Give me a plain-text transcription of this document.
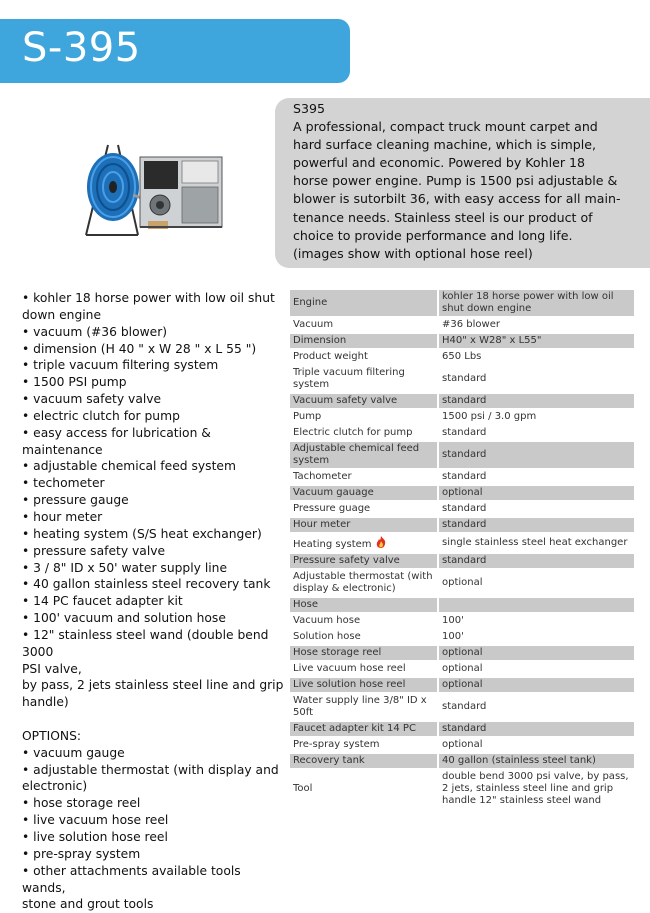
S-395
S395
A professional, compact truck mount carpet and
hard surface cleaning machine, which is simple,
powerful and economic. Powered by Kohler 18
horse power engine. Pump is 1500 psi adjustable &
blower is sutorbilt 36, with easy access for all main-
tenance needs. Stainless steel is our product of
choice to provide performance and long life.
(images show with optional hose reel)
• kohler 18 horse power with low oil shut
down engine
• vacuum (#36 blower)
• dimension (H 40 " x W 28 " x L 55 ")
• triple vacuum filtering system
• 1500 PSI pump
• vacuum safety valve
• electric clutch for pump
• easy access for lubrication & maintenance
• adjustable chemical feed system
• techometer
• pressure gauge
• hour meter
• heating system (S/S heat exchanger)
• pressure safety valve
• 3 / 8" ID x 50' water supply line
• 40 gallon stainless steel recovery tank
• 14 PC faucet adapter kit
• 100' vacuum and solution hose
• 12" stainless steel wand (double bend 3000
PSI valve,
by pass, 2 jets stainless steel line and grip
handle)
OPTIONS:
• vacuum gauge
• adjustable thermostat (with display and
electronic)
• hose storage reel
• live vacuum hose reel
• live solution hose reel
• pre-spray system
• other attachments available tools wands,
stone and grout tools
Engine	kohler 18 horse power with low oil shut down engine
Vacuum	#36 blower
Dimension	H40" x W28" x L55"
Product weight	650 Lbs
Triple vacuum filtering system	standard
Vacuum safety valve	standard
Pump	1500 psi / 3.0 gpm
Electric clutch for pump	standard
Adjustable chemical feed system	standard
Tachometer	standard
Vacuum gauage	optional
Pressure guage	standard
Hour meter	standard
Heating system	single stainless steel heat exchanger
Pressure safety valve	standard
Adjustable thermostat (with display & electronic)	optional
Hose	
Vacuum hose	100'
Solution hose	100'
Hose storage reel	optional
Live vacuum hose reel	optional
Live solution hose reel	optional
Water supply line 3/8" ID x 50ft	standard
Faucet adapter kit 14 PC	standard
Pre-spray system	optional
Recovery tank	40 gallon (stainless steel tank)
Tool	double bend 3000 psi valve, by pass, 2 jets, stainless steel line and grip handle 12" stainless steel wand
